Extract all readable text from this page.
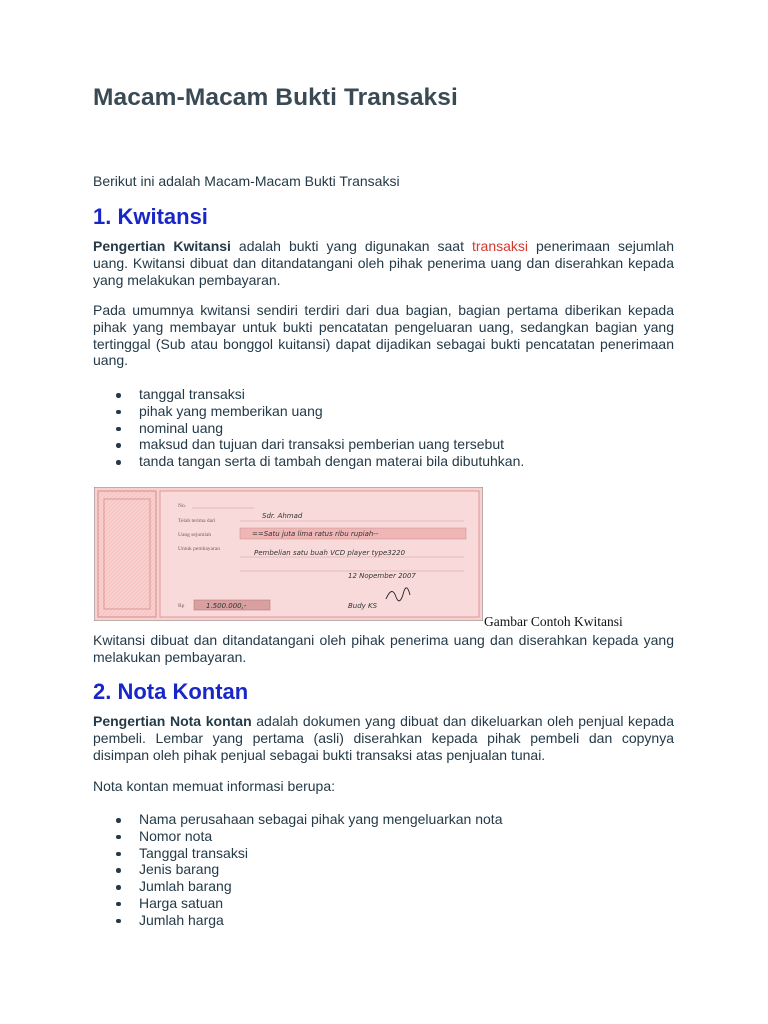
Macam-Macam Bukti Transaksi

Berikut ini adalah Macam-Macam Bukti Transaksi

1. Kwitansi

Pengertian Kwitansi adalah bukti yang digunakan saat transaksi penerimaan sejumlah uang. Kwitansi dibuat dan ditandatangani oleh pihak penerima uang dan diserahkan kepada yang melakukan pembayaran.

Pada umumnya kwitansi sendiri terdiri dari dua bagian, bagian pertama diberikan kepada pihak yang membayar untuk bukti pencatatan pengeluaran uang, sedangkan bagian yang tertinggal (Sub atau bonggol kuitansi) dapat dijadikan sebagai bukti pencatatan penerimaan uang.

tanggal transaksi
pihak yang memberikan uang
nominal uang
maksud dan tujuan dari transaksi pemberian uang tersebut
tanda tangan serta di tambah dengan materai bila dibutuhkan.
No.
Telah terima dari
Uang sejumlah
Untuk pembayaran
Sdr. Ahmad
==Satu juta lima ratus ribu rupiah--
Pembelian satu buah VCD player type3220
12 Nopember 2007
Rp	1.500.000,-	Budy KS
Gambar Contoh Kwitansi

Kwitansi dibuat dan ditandatangani oleh pihak penerima uang dan diserahkan kepada yang melakukan pembayaran.

2. Nota Kontan

Pengertian Nota kontan adalah dokumen yang dibuat dan dikeluarkan oleh penjual kepada pembeli. Lembar yang pertama (asli) diserahkan kepada pihak pembeli dan copynya disimpan oleh pihak penjual sebagai bukti transaksi atas penjualan tunai.

Nota kontan memuat informasi berupa:

Nama perusahaan sebagai pihak yang mengeluarkan nota
Nomor nota
Tanggal transaksi
Jenis barang
Jumlah barang
Harga satuan
Jumlah harga
